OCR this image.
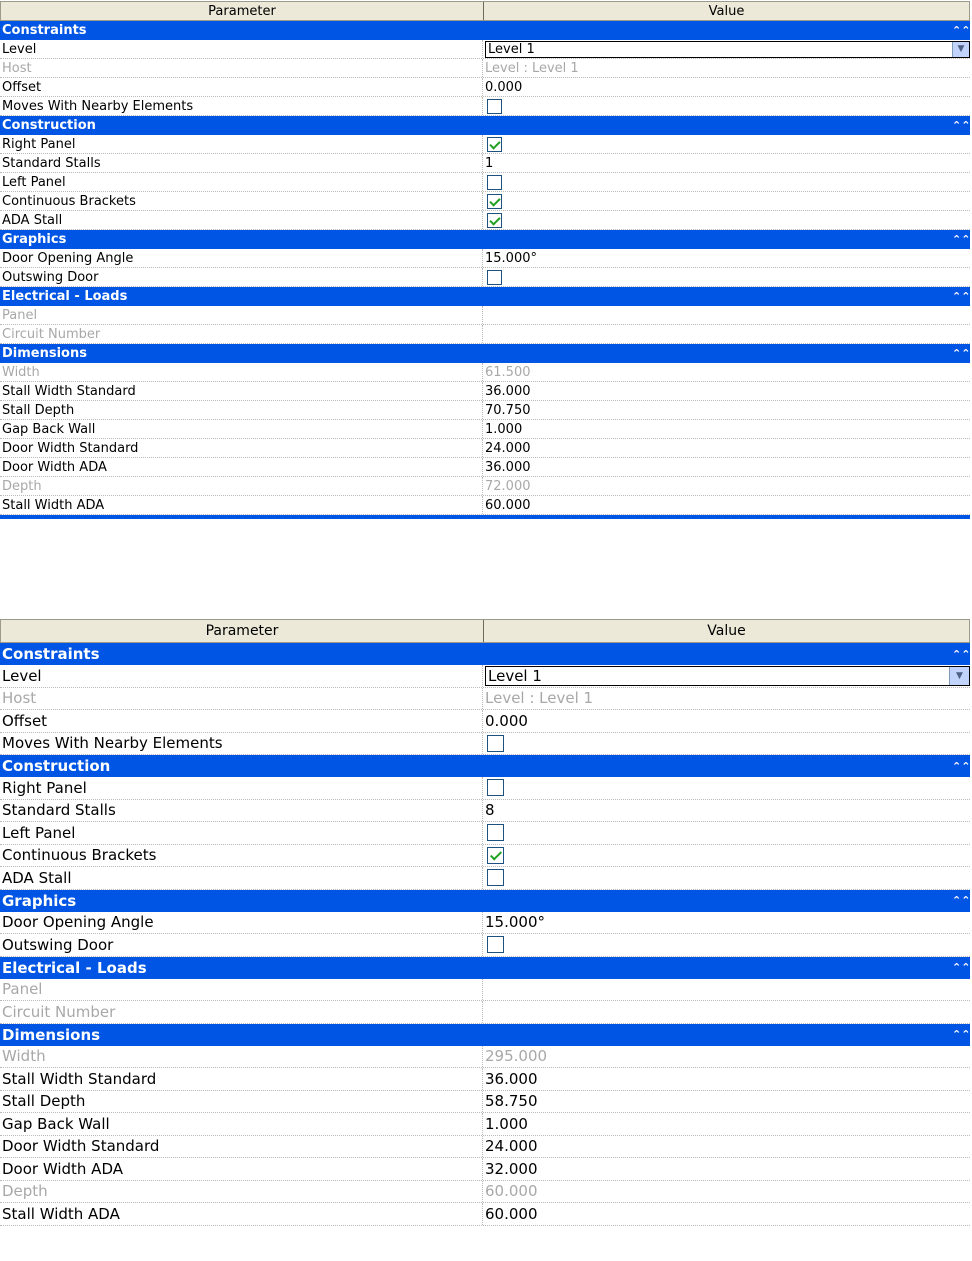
Parameter	Value
Constraints	⌃⌃
Level	Level 1	▼
Host	Level : Level 1
Offset	0.000
Moves With Nearby Elements
Construction	⌃⌃
Right Panel
Standard Stalls	1
Left Panel
Continuous Brackets
ADA Stall
Graphics	⌃⌃
Door Opening Angle	15.000°
Outswing Door
Electrical - Loads	⌃⌃
Panel
Circuit Number
Dimensions	⌃⌃
Width	61.500
Stall Width Standard	36.000
Stall Depth	70.750
Gap Back Wall	1.000
Door Width Standard	24.000
Door Width ADA	36.000
Depth	72.000
Stall Width ADA	60.000
Parameter	Value
Constraints	⌃⌃
Level	Level 1	▼
Host	Level : Level 1
Offset	0.000
Moves With Nearby Elements
Construction	⌃⌃
Right Panel
Standard Stalls	8
Left Panel
Continuous Brackets
ADA Stall
Graphics	⌃⌃
Door Opening Angle	15.000°
Outswing Door
Electrical - Loads	⌃⌃
Panel
Circuit Number
Dimensions	⌃⌃
Width	295.000
Stall Width Standard	36.000
Stall Depth	58.750
Gap Back Wall	1.000
Door Width Standard	24.000
Door Width ADA	32.000
Depth	60.000
Stall Width ADA	60.000
